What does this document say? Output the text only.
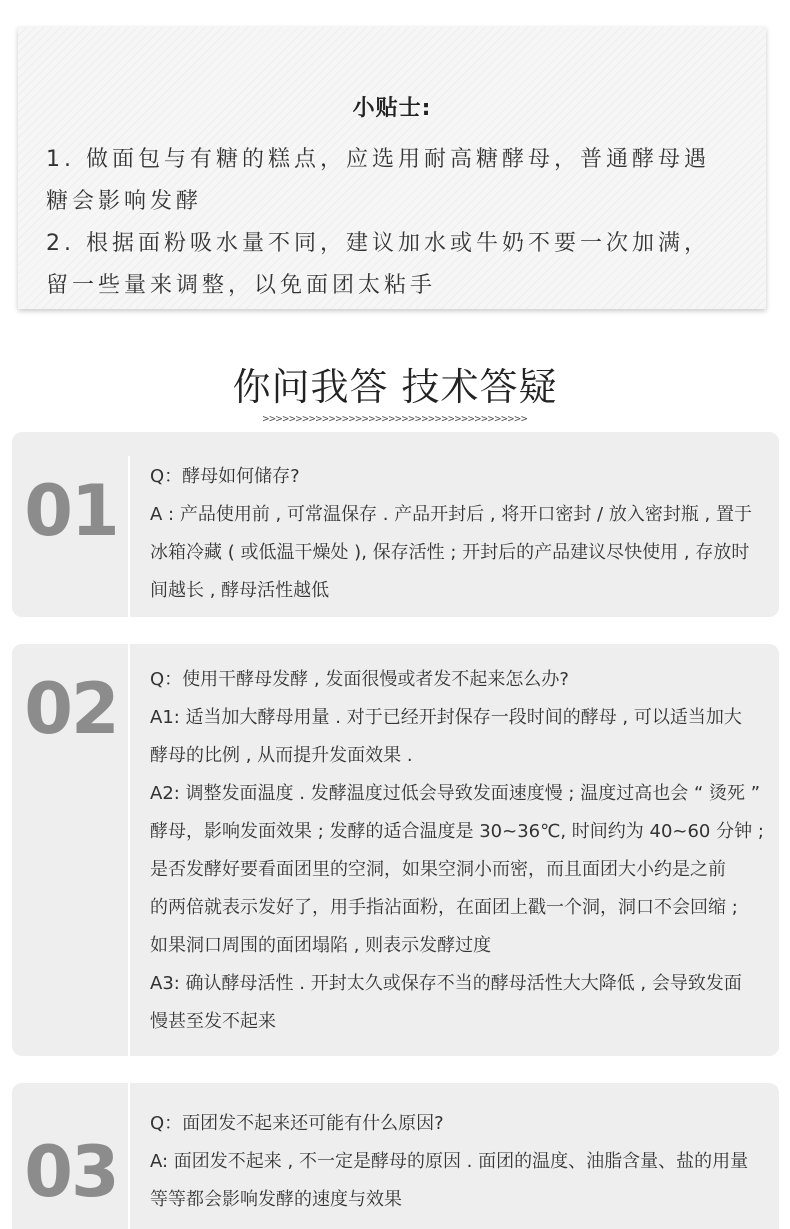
小贴士:
1. 做面包与有糖的糕点，应选用耐高糖酵母，普通酵母遇
糖会影响发酵
2. 根据面粉吸水量不同，建议加水或牛奶不要一次加满，
留一些量来调整，以免面团太粘手
你问我答 技术答疑
>>>>>>>>>>>>>>>>>>>>>>>>>>>>>>>>>>>>>>>>
01	Q：酵母如何储存?
A : 产品使用前 , 可常温保存 . 产品开封后 , 将开口密封 / 放入密封瓶 , 置于
冰箱冷藏 ( 或低温干燥处 ), 保存活性 ; 开封后的产品建议尽快使用 , 存放时
间越长 , 酵母活性越低
02	Q：使用干酵母发酵 , 发面很慢或者发不起来怎么办?
A1: 适当加大酵母用量 . 对于已经开封保存一段时间的酵母 , 可以适当加大
酵母的比例 , 从而提升发面效果 .
A2: 调整发面温度 . 发酵温度过低会导致发面速度慢 ; 温度过高也会 “ 烫死 ”
酵母，影响发面效果 ; 发酵的适合温度是 30~36℃, 时间约为 40~60 分钟 ;
是否发酵好要看面团里的空洞，如果空洞小而密，而且面团大小约是之前
的两倍就表示发好了，用手指沾面粉，在面团上戳一个洞，洞口不会回缩 ;
如果洞口周围的面团塌陷 , 则表示发酵过度
A3: 确认酵母活性 . 开封太久或保存不当的酵母活性大大降低 , 会导致发面
慢甚至发不起来
03
Q：面团发不起来还可能有什么原因?
A: 面团发不起来 , 不一定是酵母的原因 . 面团的温度、油脂含量、盐的用量
等等都会影响发酵的速度与效果
